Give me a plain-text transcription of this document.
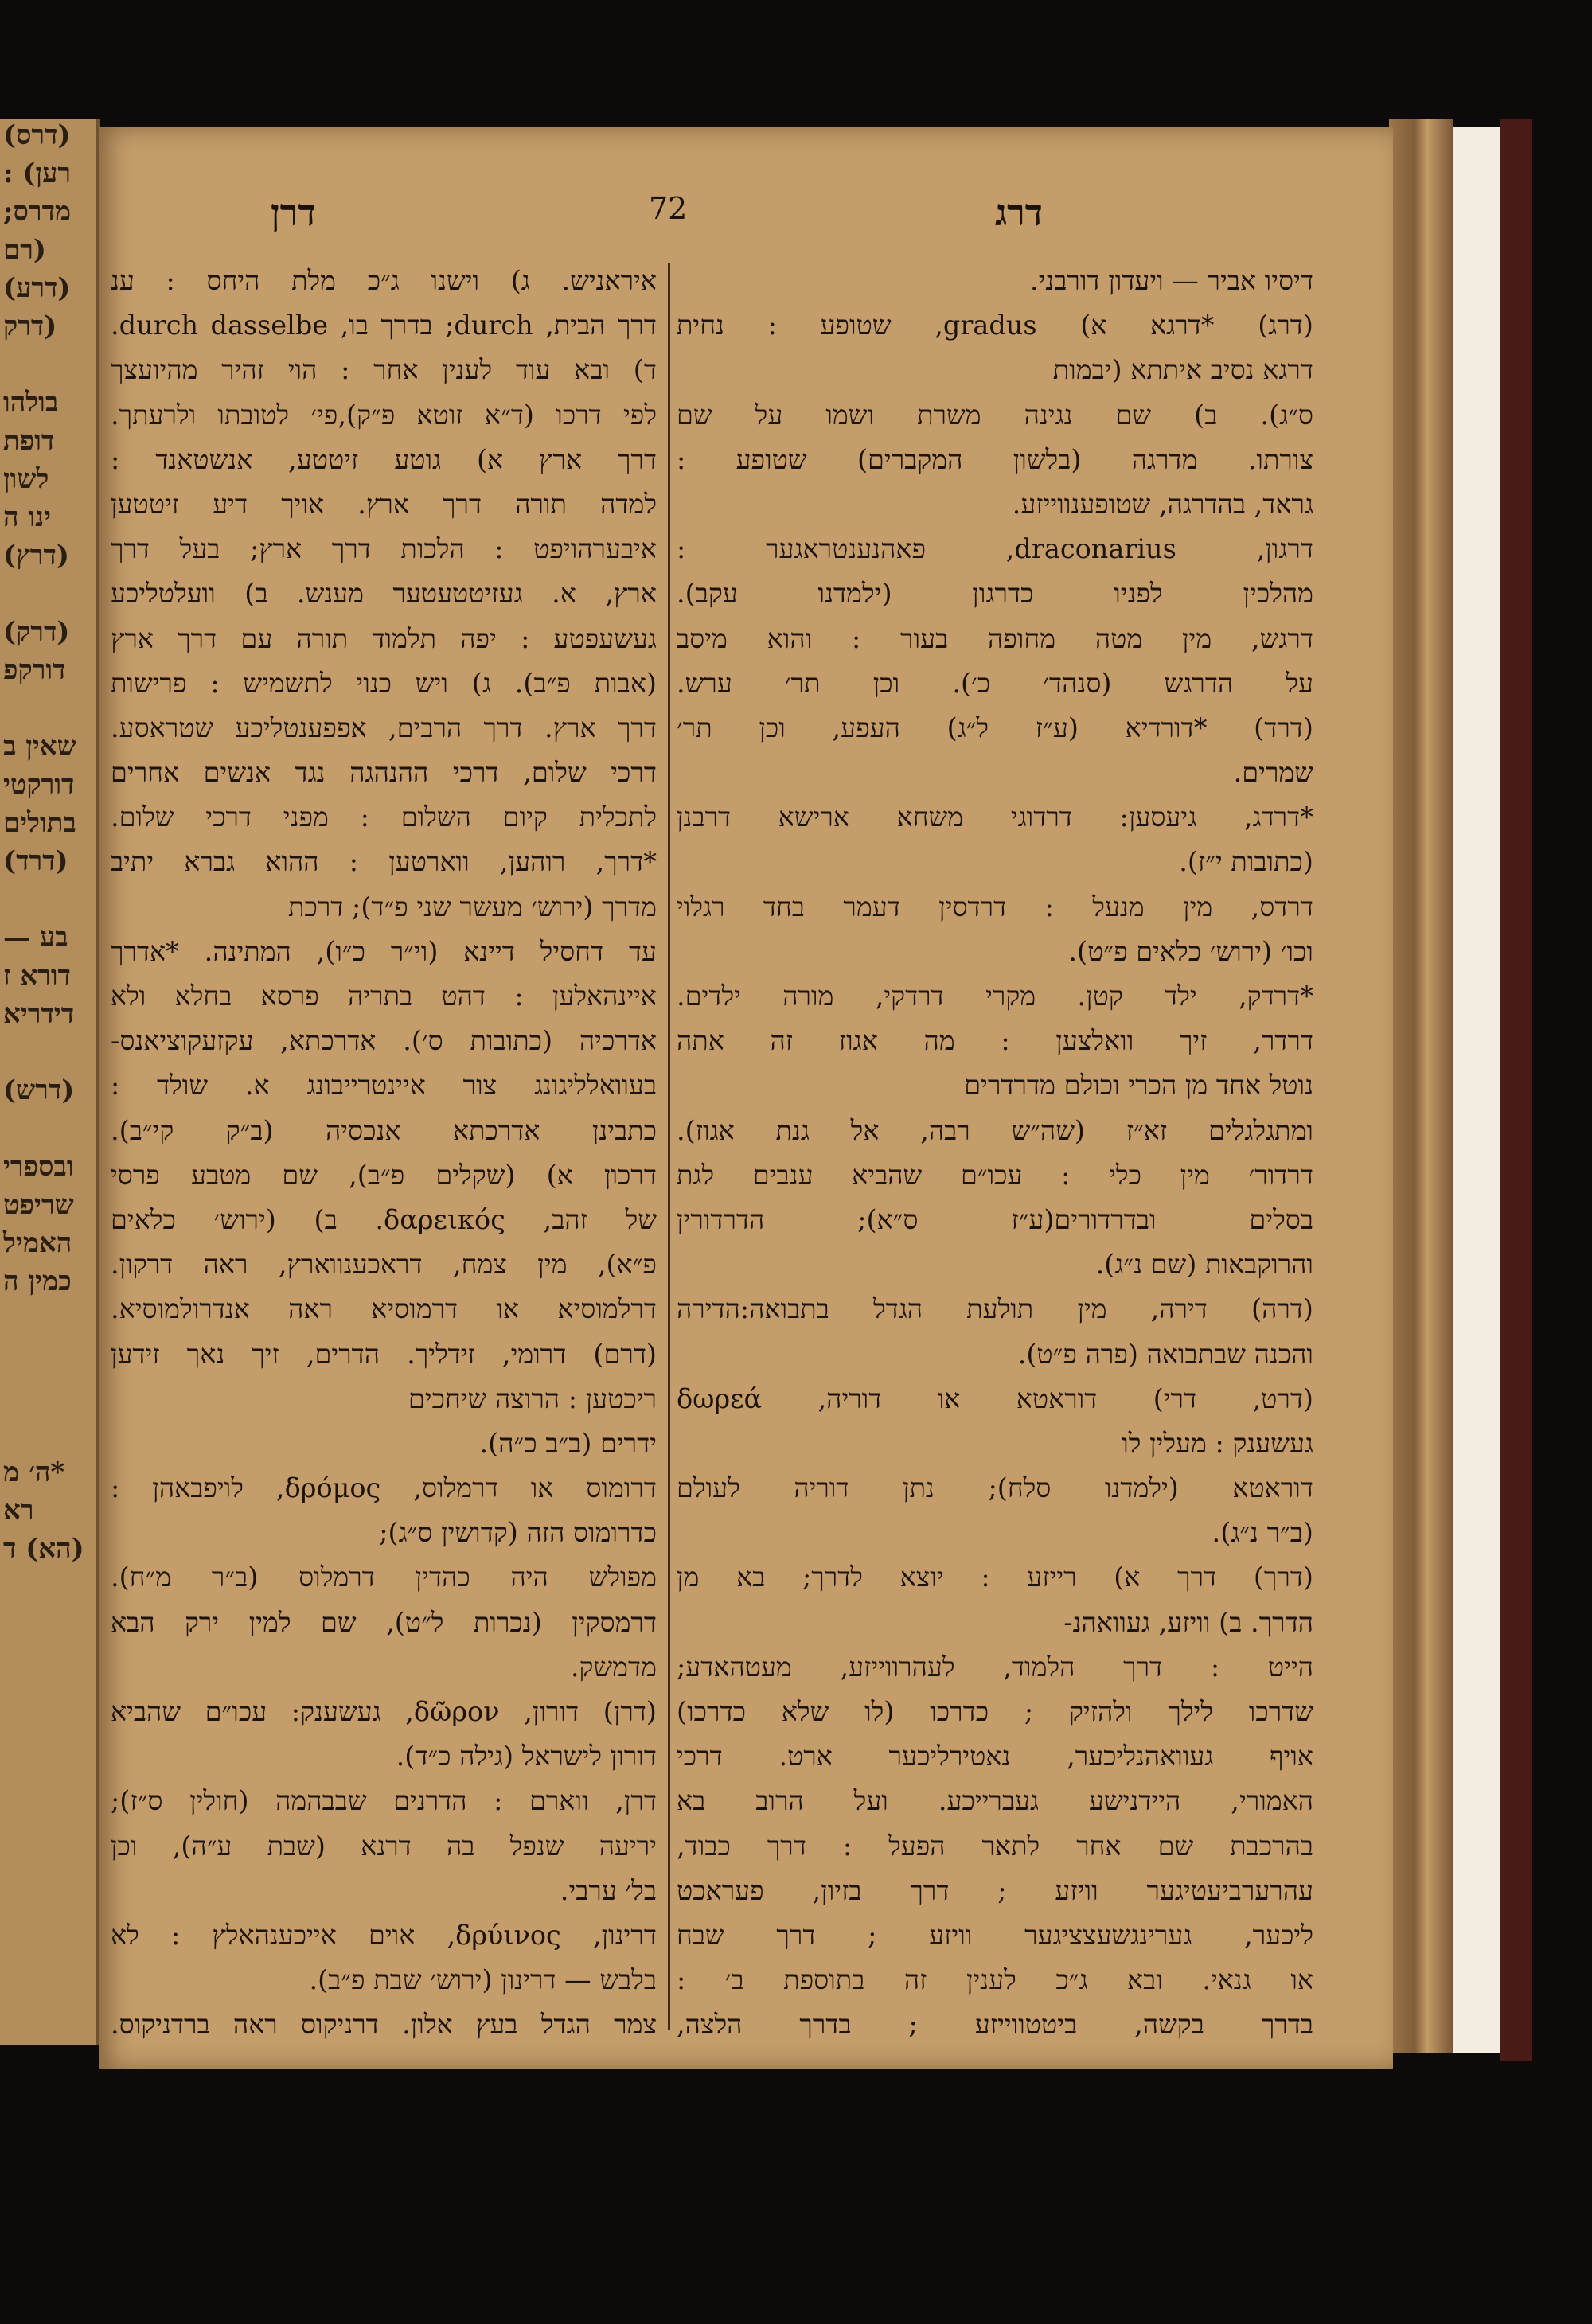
(דרס)
רען) :
מדרס;
(רם
(דרע)
(דרק
בולהו
דופת
לשון
ינו ה
(דרץ)
(דרק)
דורקפ
שאין ב
דורקטי
בתולים
(דרד)
בע —
דורא ז
דידריא
(דרש)
ובספרי
שריפט
האמיל
כמין ה
*ה׳ מ
רא
(הא) ד
דרן	72	דרג
דיסיו אביר — ויעדון דורבני.
(דרג) *דרגא א) gradus, שטופע : נחית
דרגא נסיב איתתא (יבמות
ס״ג). ב) שם נגינה משרת ושמו על שם
צורתו. מדרגה (בלשון המקברים) שטופע :
גראד, בהדרגה, שטופענווייזע.
דרגון, draconarius, פאהנענטראגער :
מהלכין לפניו כדרגון (ילמדנו עקב).
דרגש, מין מטה מחופה בעור : והוא מיסב
על הדרגש (סנהד׳ כ׳). וכן תר׳ ערש.
(דרד) *דורדיא (ע״ז ל״ג) העפע, וכן תר׳
שמרים.
*דרדג, גיעסען: דרדוגי משחא ארישא דרבנן
(כתובות י״ז).
דרדס, מין מנעל : דרדסין דעמר בחד רגלוי
וכו׳ (ירוש׳ כלאים פ״ט).
*דרדק, ילד קטן. מקרי דרדקי, מורה ילדים.
דרדר, זיך וואלצען : מה אגוז זה אתה
נוטל אחד מן הכרי וכולם מדרדרים
ומתגלגלים זא״ז (שה״ש רבה, אל גנת אגוז).
דרדור׳ מין כלי : עכו״ם שהביא ענבים לגת
בסלים ובדרדורים(ע״ז ס״א); הדרדורין
והרוקבאות (שם נ״ג).
(דרה) דירה, מין תולעת הגדל בתבואה:הדירה
והכנה שבתבואה (פרה פ״ט).
(דרט, דרי) דוראטא או דוריה, δωρεά
געשענק : מעלין לו
דוראטא (ילמדנו סלח); נתן דוריה לעולם
(ב״ר נ״ג).
(דרך) דרך א) רייזע : יוצא לדרך; בא מן
הדרך. ב) וויזע, געוואהנ-
הייט : דרך הלמוד, לעהרווייזע, מעטהאדע;
שדרכו לילך ולהזיק ; כדרכו (לו שלא כדרכו)
אויף געוואהנליכער, נאטירליכער ארט. דרכי
האמורי, היידנישע געברייכע. ועל הרוב בא
בהרכבת שם אחר לתאר הפעל : דרך כבוד,
עהרערביעטיגער וויזע ; דרך בזיון, פעראכט
ליכער, גערינגשעצציגער וויזע ; דרך שבח
או גנאי. ובא ג״כ לענין זה בתוספת ב׳ :
בדרך בקשה, ביטטווייזע ; בדרך הלצה,
איראניש. ג) וישנו ג״כ מלת היחס : ענ
דרך הבית, durch; בדרך בו, durch dasselbe.
ד) ובא עוד לענין אחר : הוי זהיר מהיועצך
לפי דרכו (ד״א זוטא פ״ק),פי׳ לטובתו ולרעתך.
דרך ארץ א) גוטע זיטטע, אנשטאנד :
למדה תורה דרך ארץ. אויך דיע זיטטען
איבערהויפט : הלכות דרך ארץ; בעל דרך
ארץ, א. געזיטטעטער מענש. ב) וועלטליכע
געשעפטע : יפה תלמוד תורה עם דרך ארץ
(אבות פ״ב). ג) ויש כנוי לתשמיש : פרישות
דרך ארץ. דרך הרבים, אפפענטליכע שטראסע.
דרכי שלום, דרכי ההנהגה נגד אנשים אחרים
לתכלית קיום השלום : מפני דרכי שלום.
*דרך, רוהען, ווארטען : ההוא גברא יתיב
מדרך (ירוש׳ מעשר שני פ״ד); דרכת
עד דחסיל דיינא (וי״ר כ״ו), המתינה. *אדרך
איינהאלען : דהט בתריה פרסא בחלא ולא
אדרכיה (כתובות ס׳). אדרכתא, עקזעקוציאנס-
בעוואלליגונג צור איינטרייבונג א. שולד :
כתבינן אדרכתא אנכסיה (ב״ק קי״ב).
דרכון א) (שקלים פ״ב), שם מטבע פרסי
של זהב, δαρεικός. ב) (ירוש׳ כלאים
פ״א), מין צמח, דראכענווארץ, ראה דרקון.
דרלמוסיא או דרמוסיא ראה אנדרולמוסיא.
(דרם) דרומי, זידליך. הדרים, זיך נאך זידען
ריכטען : הרוצה שיחכים
ידרים (ב״ב כ״ה).
דרומוס או דרמלוס, δρόμος, לויפבאהן :
כדרומוס הזה (קדושין ס״ג);
מפולש היה כהדין דרמלוס (ב״ר מ״ח).
דרמסקין (נכרות ל״ט), שם למין ירק הבא
מדמשק.
(דרן) דורון, δῶρον, געשענק: עכו״ם שהביא
דורון לישראל (גילה כ״ד).
דרן, ווארם : הדרנים שבבהמה (חולין ס״ז);
יריעה שנפל בה דרנא (שבת ע״ה), וכן
בל׳ ערבי.
דרינון, δρύινος, אוים אייכענהאלץ : לא
בלבש — דרינון (ירוש׳ שבת פ״ב).
צמר הגדל בעץ אלון. דרניקוס ראה ברדניקוס.
